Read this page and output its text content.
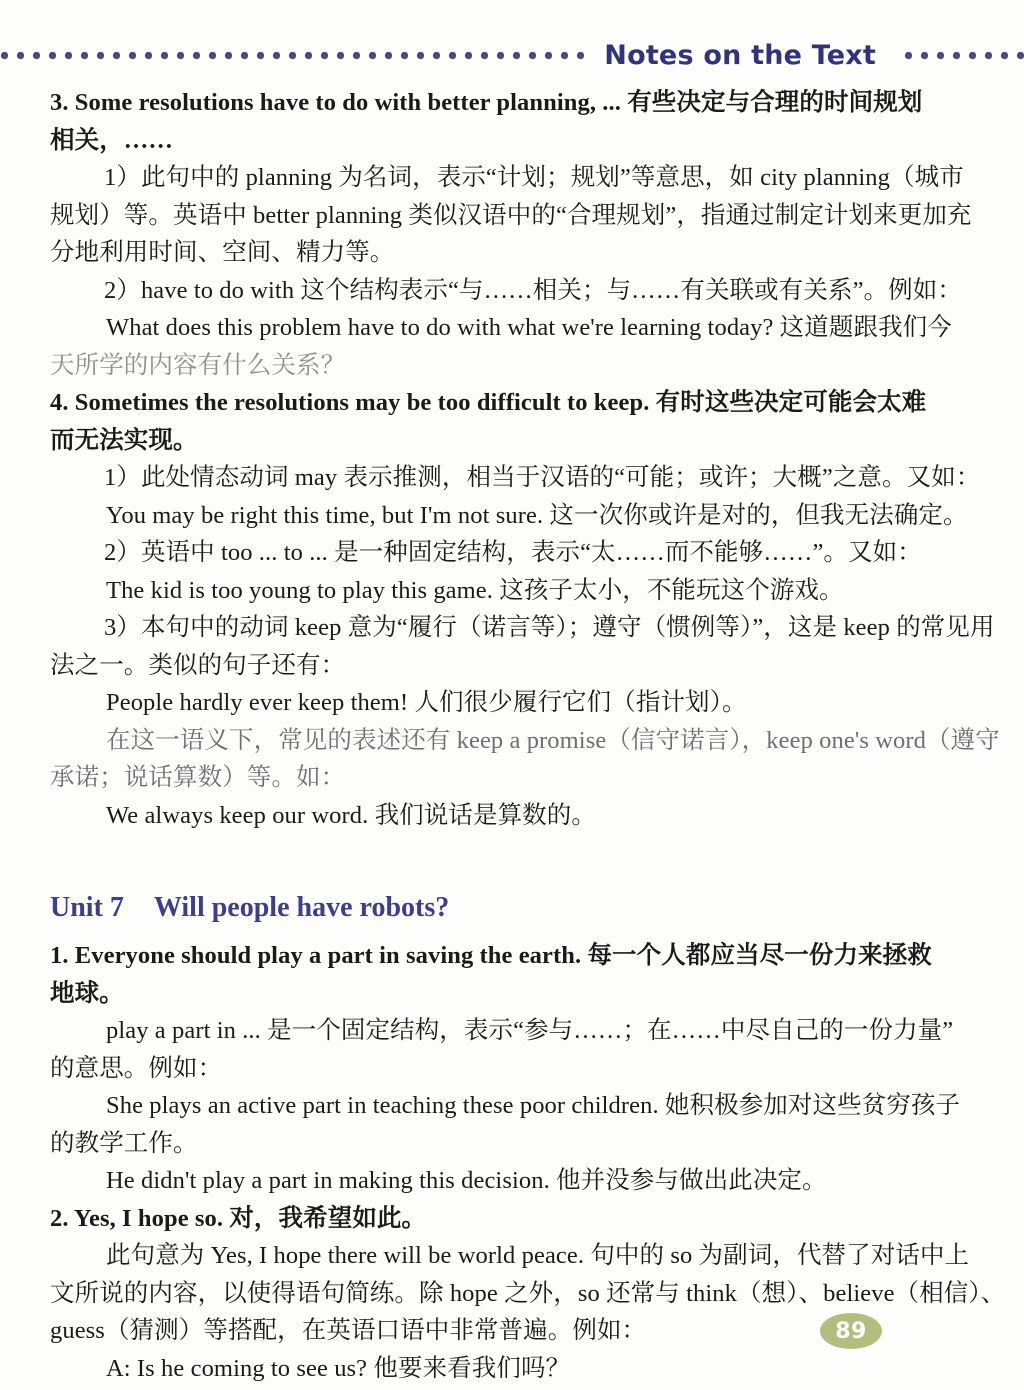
Notes on the Text
3. Some resolutions have to do with better planning, ... 有些决定与合理的时间规划
相关，……
1）此句中的 planning 为名词，表示“计划；规划”等意思，如 city planning（城市
规划）等。英语中 better planning 类似汉语中的“合理规划”，指通过制定计划来更加充
分地利用时间、空间、精力等。
2）have to do with 这个结构表示“与……相关；与……有关联或有关系”。例如：
What does this problem have to do with what we're learning today? 这道题跟我们今
天所学的内容有什么关系？
4. Sometimes the resolutions may be too difficult to keep. 有时这些决定可能会太难
而无法实现。
1）此处情态动词 may 表示推测，相当于汉语的“可能；或许；大概”之意。又如：
You may be right this time, but I'm not sure. 这一次你或许是对的，但我无法确定。
2）英语中 too ... to ... 是一种固定结构，表示“太……而不能够……”。又如：
The kid is too young to play this game. 这孩子太小，不能玩这个游戏。
3）本句中的动词 keep 意为“履行（诺言等）；遵守（惯例等）”，这是 keep 的常见用
法之一。类似的句子还有：
People hardly ever keep them! 人们很少履行它们（指计划）。
在这一语义下，常见的表述还有 keep a promise（信守诺言），keep one's word（遵守
承诺；说话算数）等。如：
We always keep our word. 我们说话是算数的。
Unit 7 Will people have robots?
1. Everyone should play a part in saving the earth. 每一个人都应当尽一份力来拯救
地球。
play a part in ... 是一个固定结构，表示“参与……；在……中尽自己的一份力量”
的意思。例如：
She plays an active part in teaching these poor children. 她积极参加对这些贫穷孩子
的教学工作。
He didn't play a part in making this decision. 他并没参与做出此决定。
2. Yes, I hope so. 对，我希望如此。
此句意为 Yes, I hope there will be world peace. 句中的 so 为副词，代替了对话中上
文所说的内容，以使得语句简练。除 hope 之外，so 还常与 think（想）、believe（相信）、
guess（猜测）等搭配，在英语口语中非常普遍。例如：
A: Is he coming to see us? 他要来看我们吗？
89
